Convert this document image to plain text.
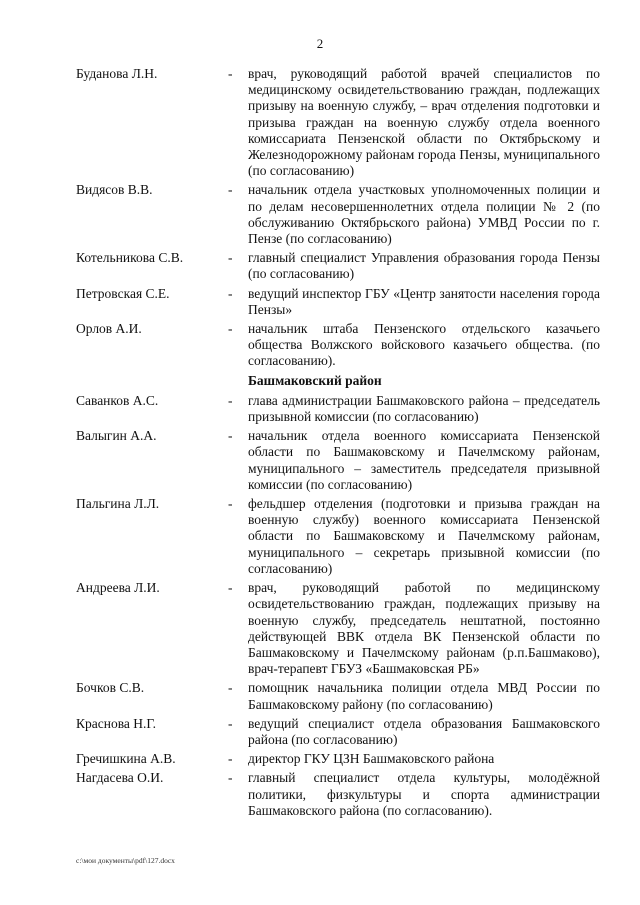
2
Буданова Л.Н.	-	врач, руководящий работой врачей специалистов по медицинскому освидетельствованию граждан, подлежащих призыву на военную службу, – врач отделения подготовки и призыва граждан на военную службу отдела военного комиссариата Пензенской области по Октябрьскому и Железнодорожному районам города Пензы, муниципального (по согласованию)
Видясов В.В.	-	начальник отдела участковых уполномоченных полиции и по делам несовершеннолетних отдела полиции № 2 (по обслуживанию Октябрьского района) УМВД России по г. Пензе (по согласованию)
Котельникова С.В.	-	главный специалист Управления образования города Пензы (по согласованию)
Петровская С.Е.	-	ведущий инспектор ГБУ «Центр занятости населения города Пензы»
Орлов А.И.	-	начальник штаба Пензенского отдельского казачьего общества Волжского войскового казачьего общества. (по согласованию).
Башмаковский район
Саванков А.С.	-	глава администрации Башмаковского района – председатель призывной комиссии (по согласованию)
Валыгин А.А.	-	начальник отдела военного комиссариата Пензенской области по Башмаковскому и Пачелмскому районам, муниципального – заместитель председателя призывной комиссии (по согласованию)
Пальгина Л.Л.	-	фельдшер отделения (подготовки и призыва граждан на военную службу) военного комиссариата Пензенской области по Башмаковскому и Пачелмскому районам, муниципального – секретарь призывной комиссии (по согласованию)
Андреева Л.И.	-	врач, руководящий работой по медицинскому освидетельствованию граждан, подлежащих призыву на военную службу, председатель нештатной, постоянно действующей ВВК отдела ВК Пензенской области по Башмаковскому и Пачелмскому районам (р.п.Башмаково), врач-терапевт ГБУЗ «Башмаковская РБ»
Бочков С.В.	-	помощник начальника полиции отдела МВД России по Башмаковскому району (по согласованию)
Краснова Н.Г.	-	ведущий специалист отдела образования Башмаковского района (по согласованию)
Гречишкина А.В.	-	директор ГКУ ЦЗН Башмаковского района
Нагдасева О.И.	-	главный специалист отдела культуры, молодёжной политики, физкультуры и спорта администрации Башмаковского района (по согласованию).
c:\мои документы\pdf\127.docx
